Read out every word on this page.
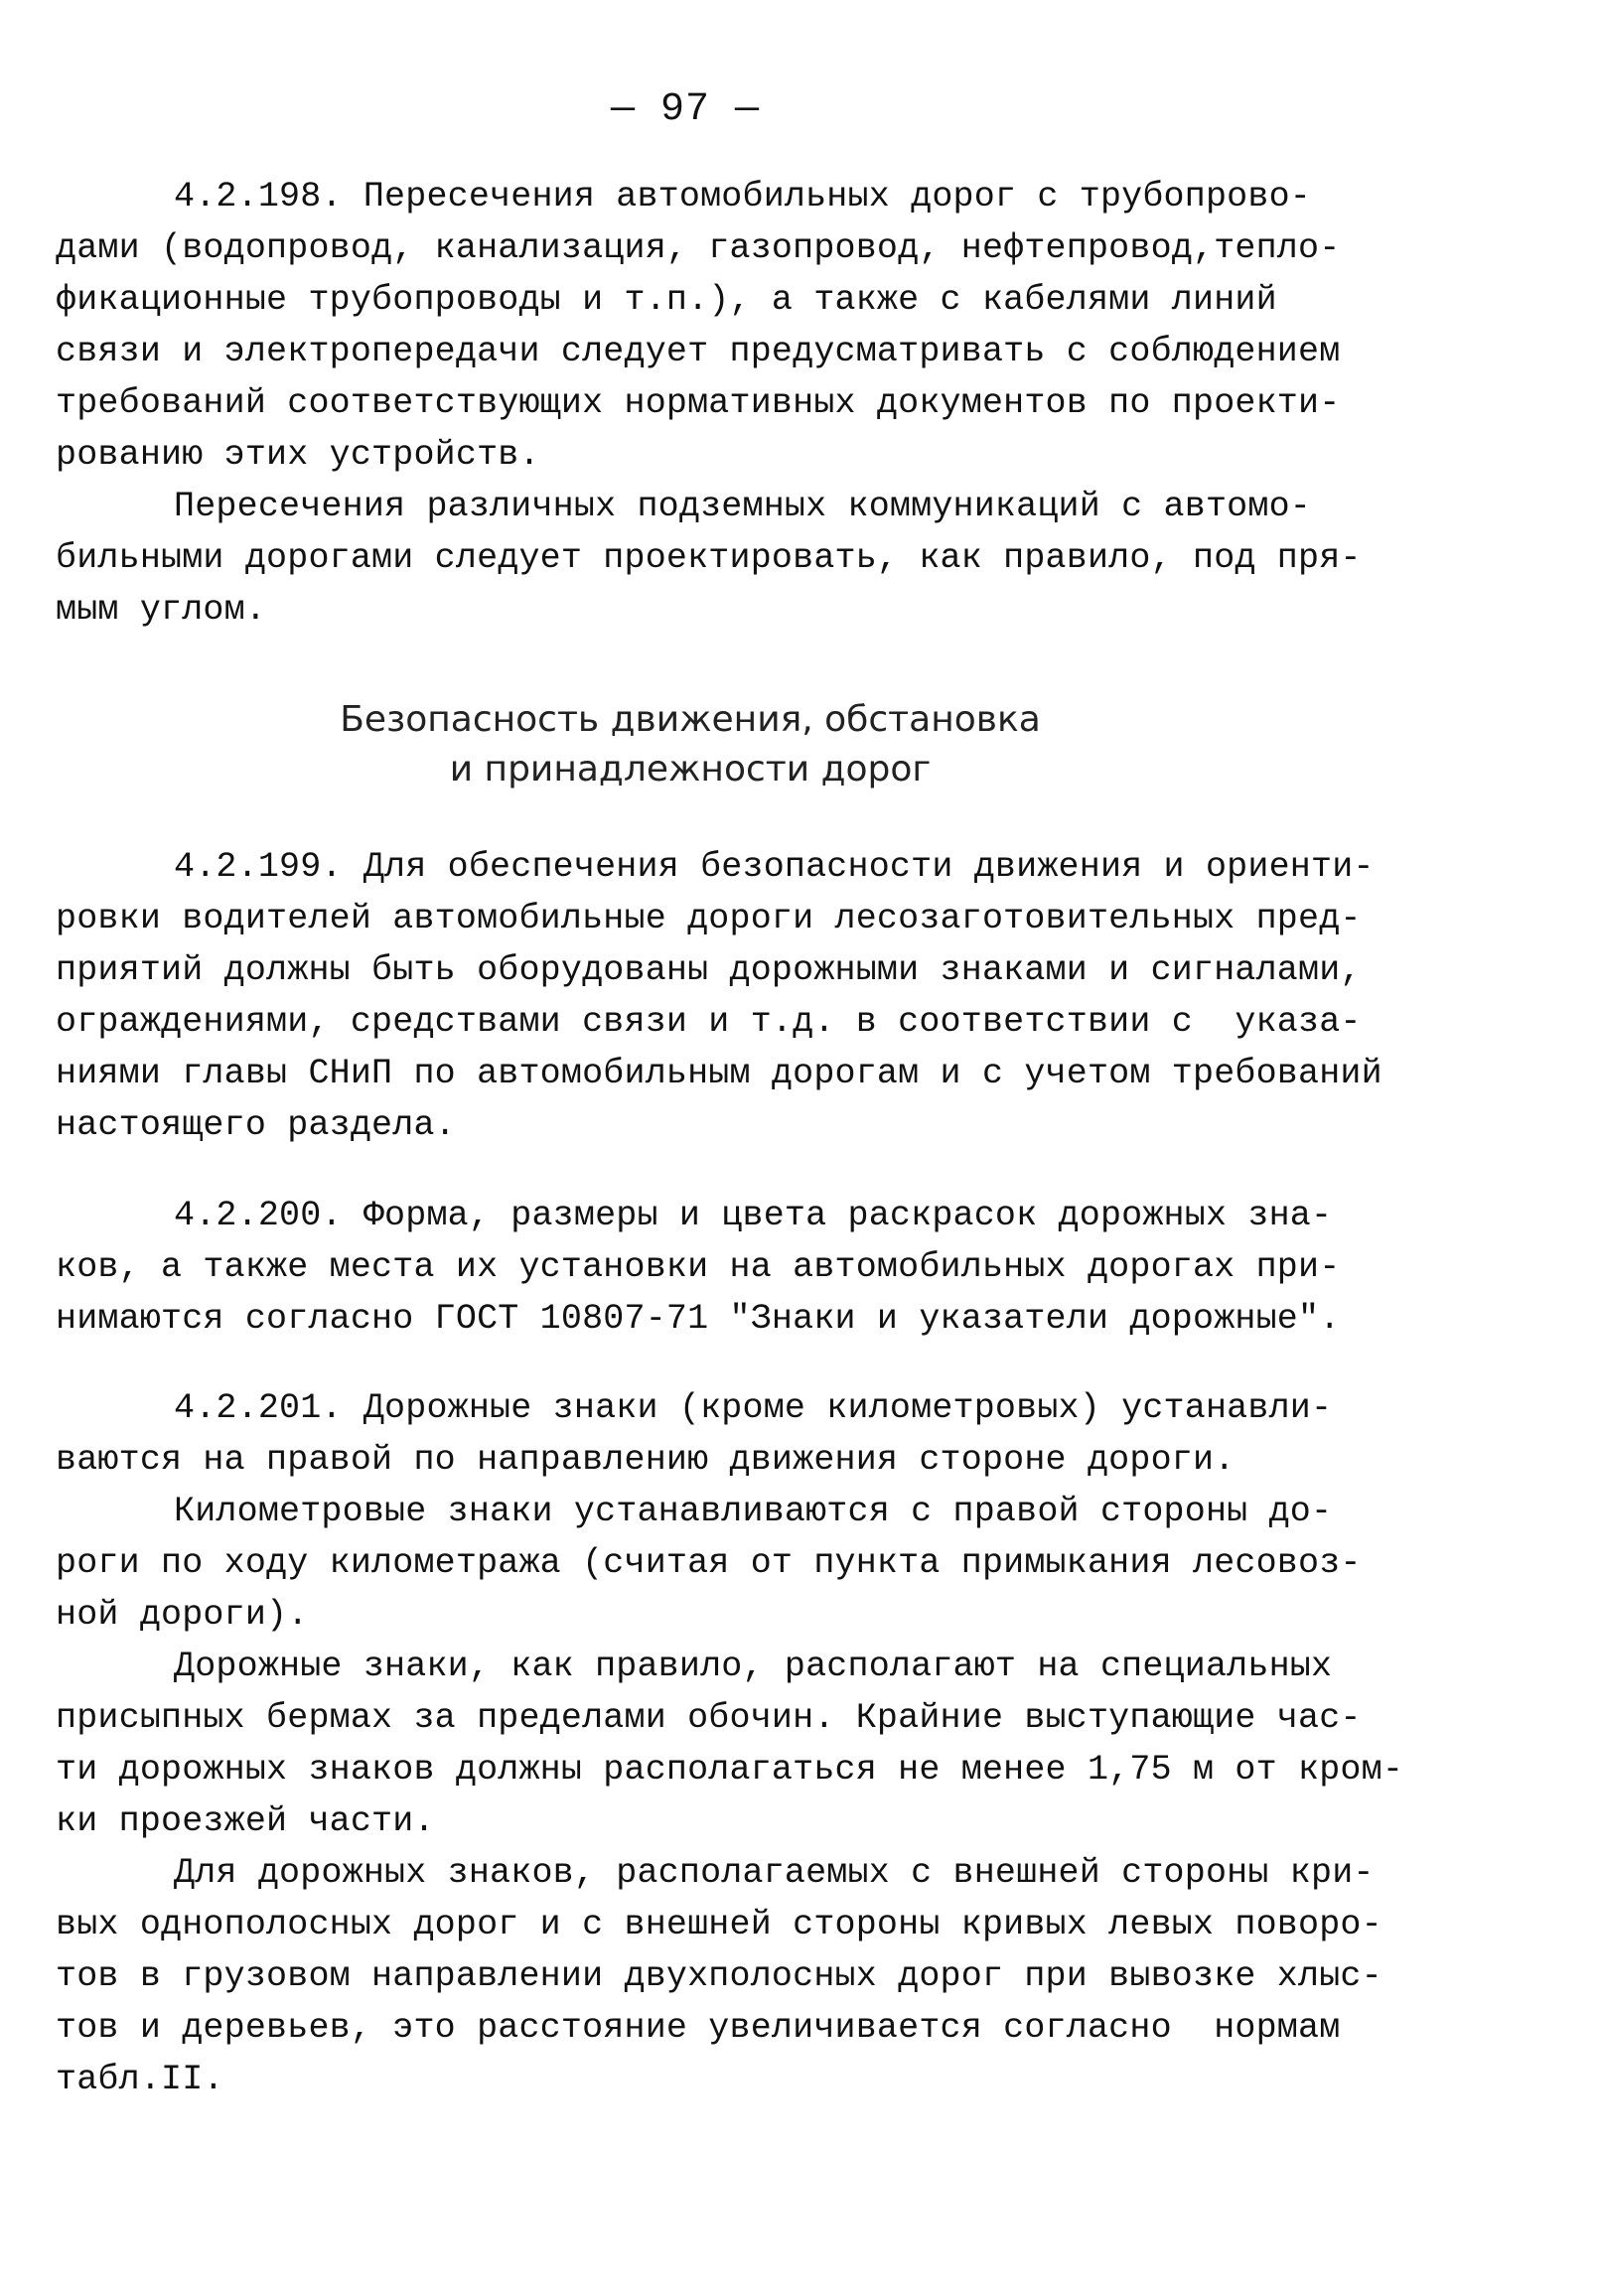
— 97 —
4.2.198. Пересечения автомобильных дорог с трубопрово-
дами (водопровод, канализация, газопровод, нефтепровод,тепло-
фикационные трубопроводы и т.п.), а также с кабелями линий
связи и электропередачи следует предусматривать с соблюдением
требований соответствующих нормативных документов по проекти-
рованию этих устройств.
Пересечения различных подземных коммуникаций с автомо-
бильными дорогами следует проектировать, как правило, под пря-
мым углом.
Безопасность движения, обстановка
и принадлежности дорог
4.2.199. Для обеспечения безопасности движения и ориенти-
ровки водителей автомобильные дороги лесозаготовительных пред-
приятий должны быть оборудованы дорожными знаками и сигналами,
ограждениями, средствами связи и т.д. в соответствии с  указа-
ниями главы СНиП по автомобильным дорогам и с учетом требований
настоящего раздела.
4.2.200. Форма, размеры и цвета раскрасок дорожных зна-
ков, а также места их установки на автомобильных дорогах при-
нимаются согласно ГОСТ 10807-71 "Знаки и указатели дорожные".
4.2.201. Дорожные знаки (кроме километровых) устанавли-
ваются на правой по направлению движения стороне дороги.
Километровые знаки устанавливаются с правой стороны до-
роги по ходу километража (считая от пункта примыкания лесовоз-
ной дороги).
Дорожные знаки, как правило, располагают на специальных
присыпных бермах за пределами обочин. Крайние выступающие час-
ти дорожных знаков должны располагаться не менее 1,75 м от кром-
ки проезжей части.
Для дорожных знаков, располагаемых с внешней стороны кри-
вых однополосных дорог и с внешней стороны кривых левых поворо-
тов в грузовом направлении двухполосных дорог при вывозке хлыс-
тов и деревьев, это расстояние увеличивается согласно  нормам
табл.II.
